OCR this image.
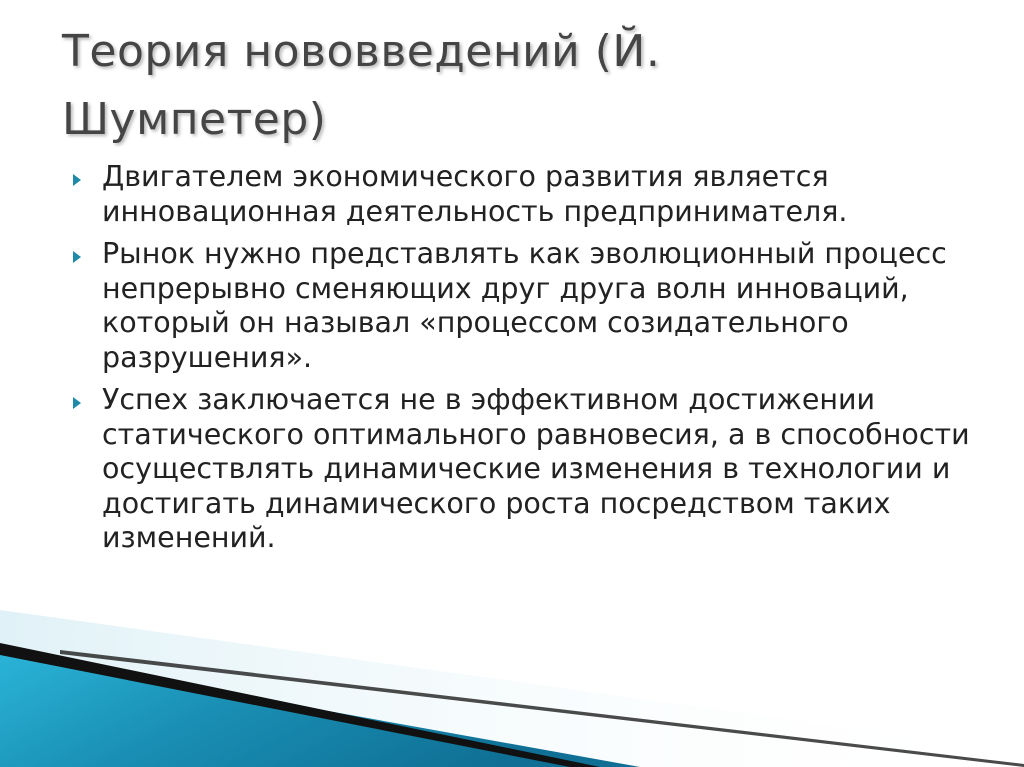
Теория нововведений (Й. Шумпетер)
Двигателем экономического развития является инновационная деятельность предпринимателя.
Рынок нужно представлять как эволюционный процесс непрерывно сменяющих друг друга волн инноваций, который он называл «процессом созидательного разрушения».
Успех заключается не в эффективном достижении статического оптимального равновесия, а в способности осуществлять динамические изменения в технологии и достигать динамического роста посредством таких изменений.
